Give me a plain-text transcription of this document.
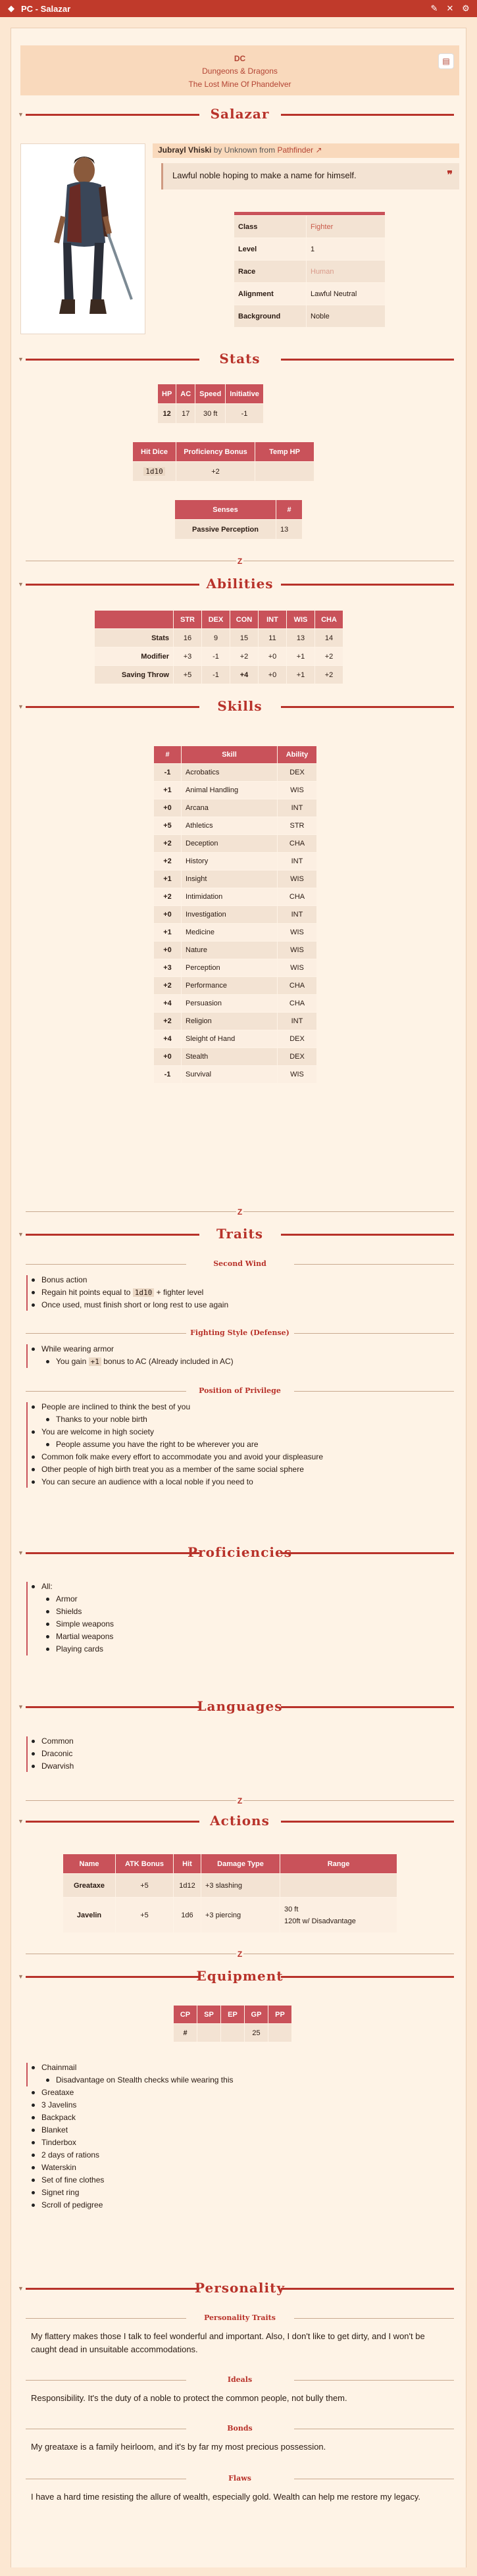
◆ PC - Salazar	✎ ✕ ⚙
DC
Dungeons & Dragons
The Lost Mine Of Phandelver
▤
▼	Salazar
Jubrayl Vhiski by Unknown from Pathfinder ↗
Lawful noble hoping to make a name for himself.	❞

Class	Fighter
Level	1
Race	Human
Alignment	Lawful Neutral
Background	Noble
▼	Stats
HP	AC	Speed	Initiative
12	17	30 ft	-1
Hit Dice	Proficiency Bonus	Temp HP
1d10	+2	
Senses	#
Passive Perception	13
Z
▼	Abilities
	STR	DEX	CON	INT	WIS	CHA
Stats	16	9	15	11	13	14
Modifier	+3	-1	+2	+0	+1	+2
Saving Throw	+5	-1	+4	+0	+1	+2
▼	Skills
#	Skill	Ability
-1	Acrobatics	DEX
+1	Animal Handling	WIS
+0	Arcana	INT
+5	Athletics	STR
+2	Deception	CHA
+2	History	INT
+1	Insight	WIS
+2	Intimidation	CHA
+0	Investigation	INT
+1	Medicine	WIS
+0	Nature	WIS
+3	Perception	WIS
+2	Performance	CHA
+4	Persuasion	CHA
+2	Religion	INT
+4	Sleight of Hand	DEX
+0	Stealth	DEX
-1	Survival	WIS
Z
▼	Traits
Second Wind
Bonus action
Regain hit points equal to 1d10 + fighter level
Once used, must finish short or long rest to use again
Fighting Style (Defense)
While wearing armor
You gain +1 bonus to AC (Already included in AC)
Position of Privilege
People are inclined to think the best of you
Thanks to your noble birth
You are welcome in high society
People assume you have the right to be wherever you are
Common folk make every effort to accommodate you and avoid your displeasure
Other people of high birth treat you as a member of the same social sphere
You can secure an audience with a local noble if you need to
▼	Proficiencies
All:
Armor
Shields
Simple weapons
Martial weapons
Playing cards
▼	Languages
Common
Draconic
Dwarvish
Z
▼	Actions
Name	ATK Bonus	Hit	Damage Type	Range
Greataxe	+5	1d12	+3 slashing	
Javelin	+5	1d6	+3 piercing	30 ft
120ft w/ Disadvantage
Z
▼	Equipment
CP	SP	EP	GP	PP
#			25	
Chainmail
Disadvantage on Stealth checks while wearing this
Greataxe
3 Javelins
Backpack
Blanket
Tinderbox
2 days of rations
Waterskin
Set of fine clothes
Signet ring
Scroll of pedigree
▼	Personality
Personality Traits
My flattery makes those I talk to feel wonderful and important. Also, I don't like to get dirty, and I won't be caught dead in unsuitable accommodations.
Ideals
Responsibility. It's the duty of a noble to protect the common people, not bully them.
Bonds
My greataxe is a family heirloom, and it's by far my most precious possession.
Flaws
I have a hard time resisting the allure of wealth, especially gold. Wealth can help me restore my legacy.
